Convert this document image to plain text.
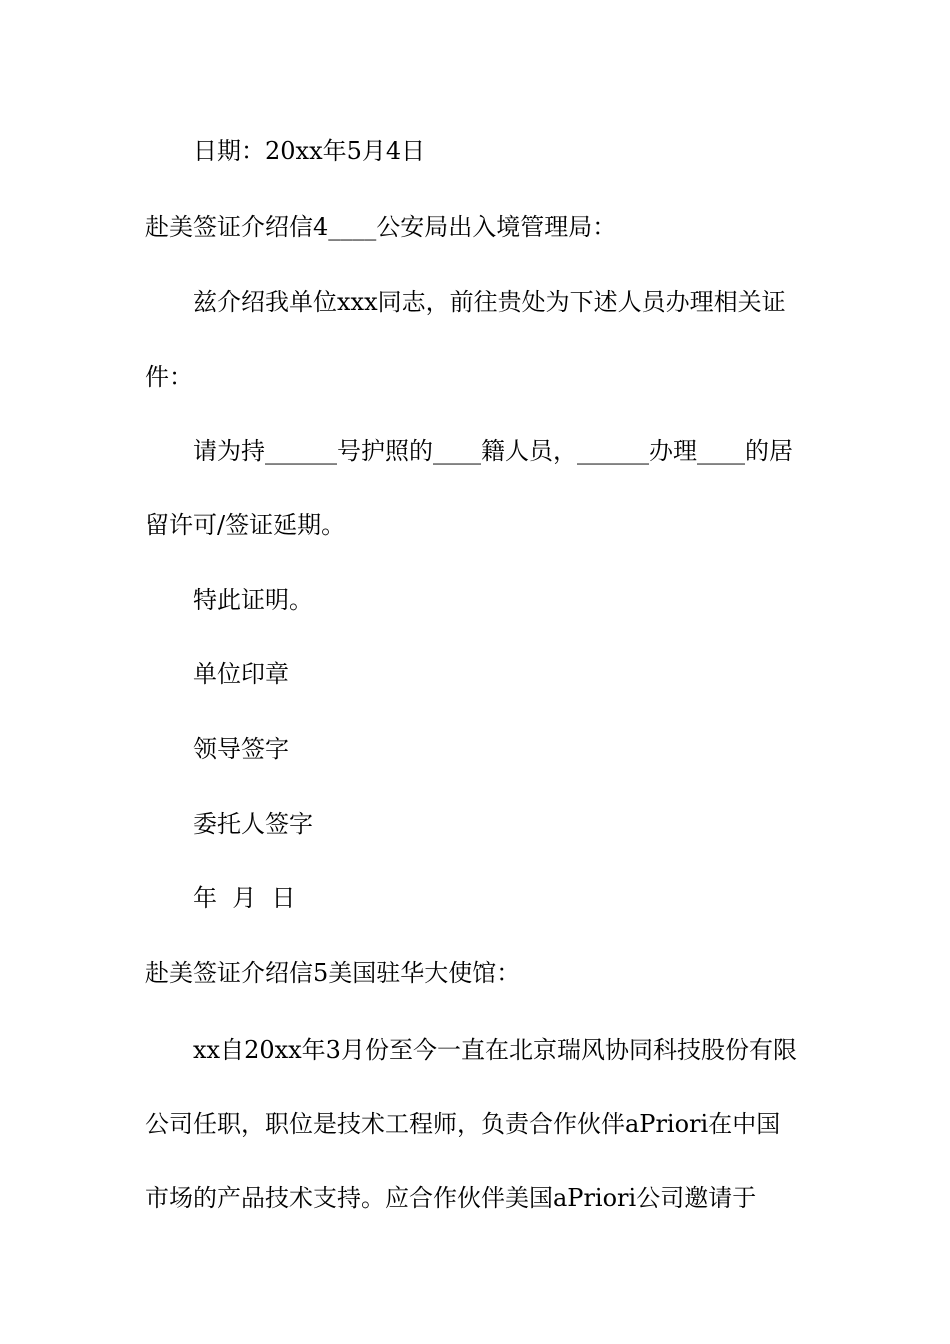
日期：20xx年5月4日
赴美签证介绍信4____公安局出入境管理局：
兹介绍我单位xxx同志，前往贵处为下述人员办理相关证
件：
请为持______号护照的____籍人员，______办理____的居
留许可/签证延期。
特此证明。
单位印章
领导签字
委托人签字
年  月  日
赴美签证介绍信5美国驻华大使馆：
xx自20xx年3月份至今一直在北京瑞风协同科技股份有限
公司任职，职位是技术工程师，负责合作伙伴aPriori在中国
市场的产品技术支持。应合作伙伴美国aPriori公司邀请于
